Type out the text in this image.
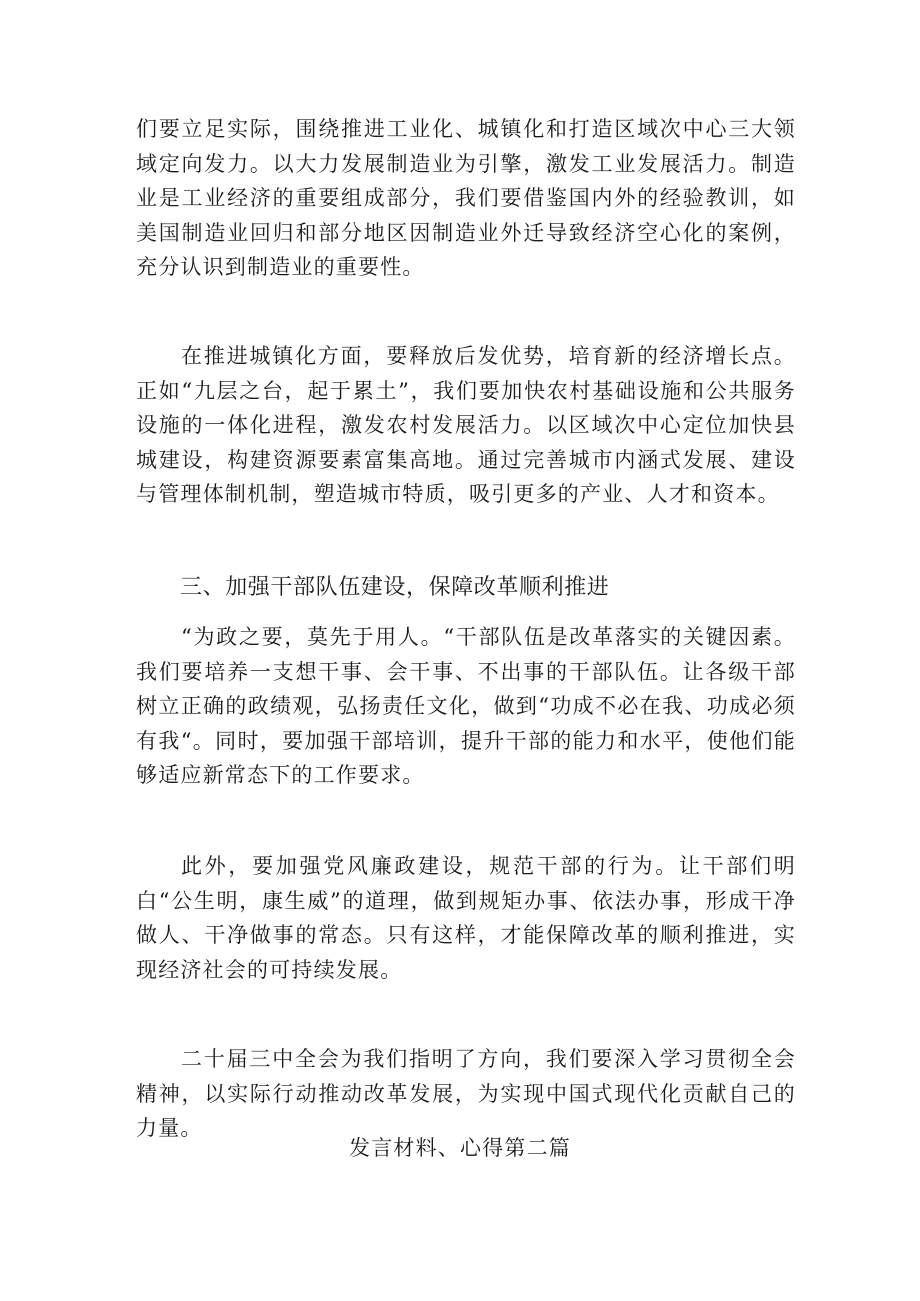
们要立足实际，围绕推进工业化、城镇化和打造区域次中心三大领域定向发力。以大力发展制造业为引擎，激发工业发展活力。制造业是工业经济的重要组成部分，我们要借鉴国内外的经验教训，如美国制造业回归和部分地区因制造业外迁导致经济空心化的案例，充分认识到制造业的重要性。

在推进城镇化方面，要释放后发优势，培育新的经济增长点。正如“九层之台，起于累土”，我们要加快农村基础设施和公共服务设施的一体化进程，激发农村发展活力。以区域次中心定位加快县城建设，构建资源要素富集高地。通过完善城市内涵式发展、建设与管理体制机制，塑造城市特质，吸引更多的产业、人才和资本。

三、加强干部队伍建设，保障改革顺利推进

“为政之要，莫先于用人。“干部队伍是改革落实的关键因素。我们要培养一支想干事、会干事、不出事的干部队伍。让各级干部树立正确的政绩观，弘扬责任文化，做到“功成不必在我、功成必须有我“。同时，要加强干部培训，提升干部的能力和水平，使他们能够适应新常态下的工作要求。

此外，要加强党风廉政建设，规范干部的行为。让干部们明白“公生明，康生威”的道理，做到规矩办事、依法办事，形成干净做人、干净做事的常态。只有这样，才能保障改革的顺利推进，实现经济社会的可持续发展。

二十届三中全会为我们指明了方向，我们要深入学习贯彻全会精神，以实际行动推动改革发展，为实现中国式现代化贡献自己的力量。

发言材料、心得第二篇
